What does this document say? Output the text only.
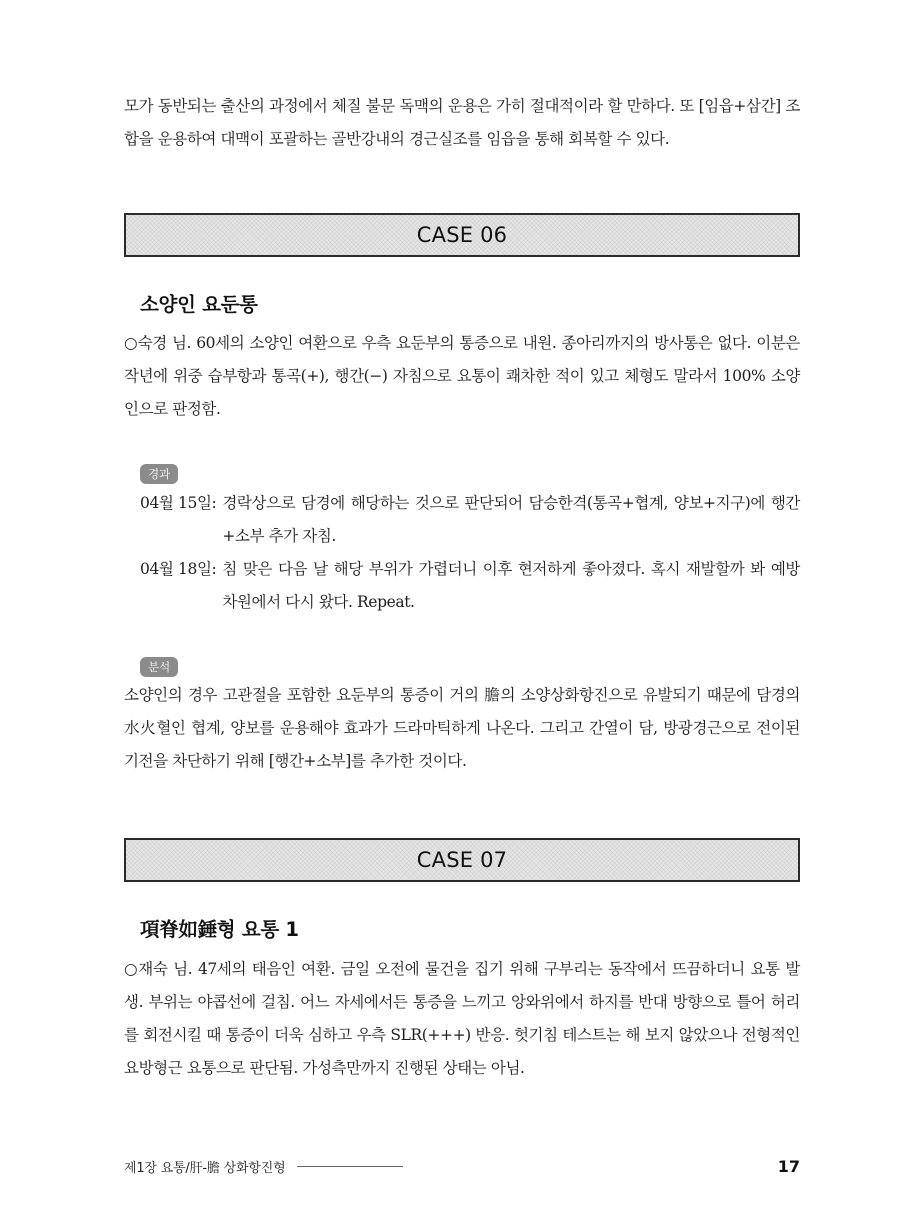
모가 동반되는 출산의 과정에서 체질 불문 독맥의 운용은 가히 절대적이라 할 만하다. 또 [임읍+삼간] 조합을 운용하여 대맥이 포괄하는 골반강내의 경근실조를 임읍을 통해 회복할 수 있다.

CASE 06
소양인 요둔통

○숙경 님. 60세의 소양인 여환으로 우측 요둔부의 통증으로 내원. 종아리까지의 방사통은 없다. 이분은 작년에 위중 습부항과 통곡(+), 행간(−) 자침으로 요통이 쾌차한 적이 있고 체형도 말라서 100% 소양인으로 판정함.

경과
04월 15일: 경락상으로 담경에 해당하는 것으로 판단되어 담승한격(통곡+협계, 양보+지구)에 행간+소부 추가 자침.
04월 18일: 침 맞은 다음 날 해당 부위가 가렵더니 이후 현저하게 좋아졌다. 혹시 재발할까 봐 예방 차원에서 다시 왔다. Repeat.
분석

소양인의 경우 고관절을 포함한 요둔부의 통증이 거의 膽의 소양상화항진으로 유발되기 때문에 담경의 水火혈인 협계, 양보를 운용해야 효과가 드라마틱하게 나온다. 그리고 간열이 담, 방광경근으로 전이된 기전을 차단하기 위해 [행간+소부]를 추가한 것이다.

CASE 07
項脊如錘형 요통 1

○재숙 님. 47세의 태음인 여환. 금일 오전에 물건을 집기 위해 구부리는 동작에서 뜨끔하더니 요통 발생. 부위는 야콥선에 걸침. 어느 자세에서든 통증을 느끼고 앙와위에서 하지를 반대 방향으로 틀어 허리를 회전시킬 때 통증이 더욱 심하고 우측 SLR(+++) 반응. 헛기침 테스트는 해 보지 않았으나 전형적인 요방형근 요통으로 판단됨. 가성측만까지 진행된 상태는 아님.

제1장 요통/肝-膽 상화항진형	17
